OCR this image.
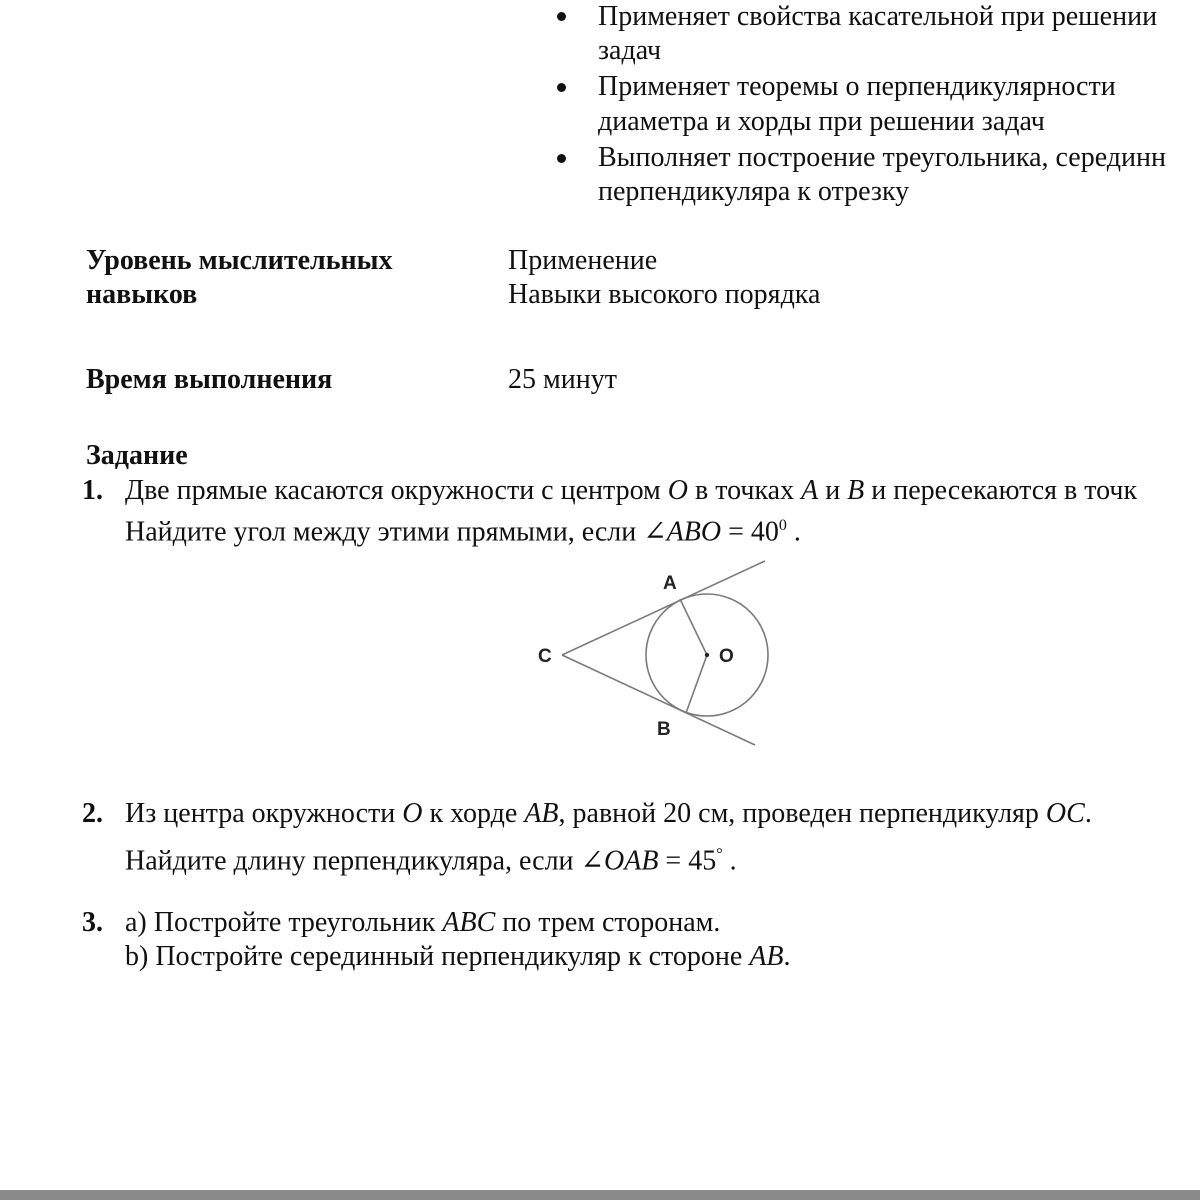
Применяет свойства касательной при решении
задач
Применяет теоремы о перпендикулярности
диаметра и хорды при решении задач
Выполняет построение треугольника, серединн
перпендикуляра к отрезку
Уровень мыслительных
навыков
Применение
Навыки высокого порядка
Время выполнения	25 минут
Задание
1. Две прямые касаются окружности с центром O в точках A и B и пересекаются в точк
Найдите угол между этими прямыми, если ∠ABO = $40^0$ .
A
B
C	O
2. Из центра окружности O к хорде AB, равной 20 см, проведен перпендикуляр OC.
Найдите длину перпендикуляра, если ∠OAB = 45° .
3. a) Постройте треугольник ABC по трем сторонам.
b) Постройте серединный перпендикуляр к стороне AB.
